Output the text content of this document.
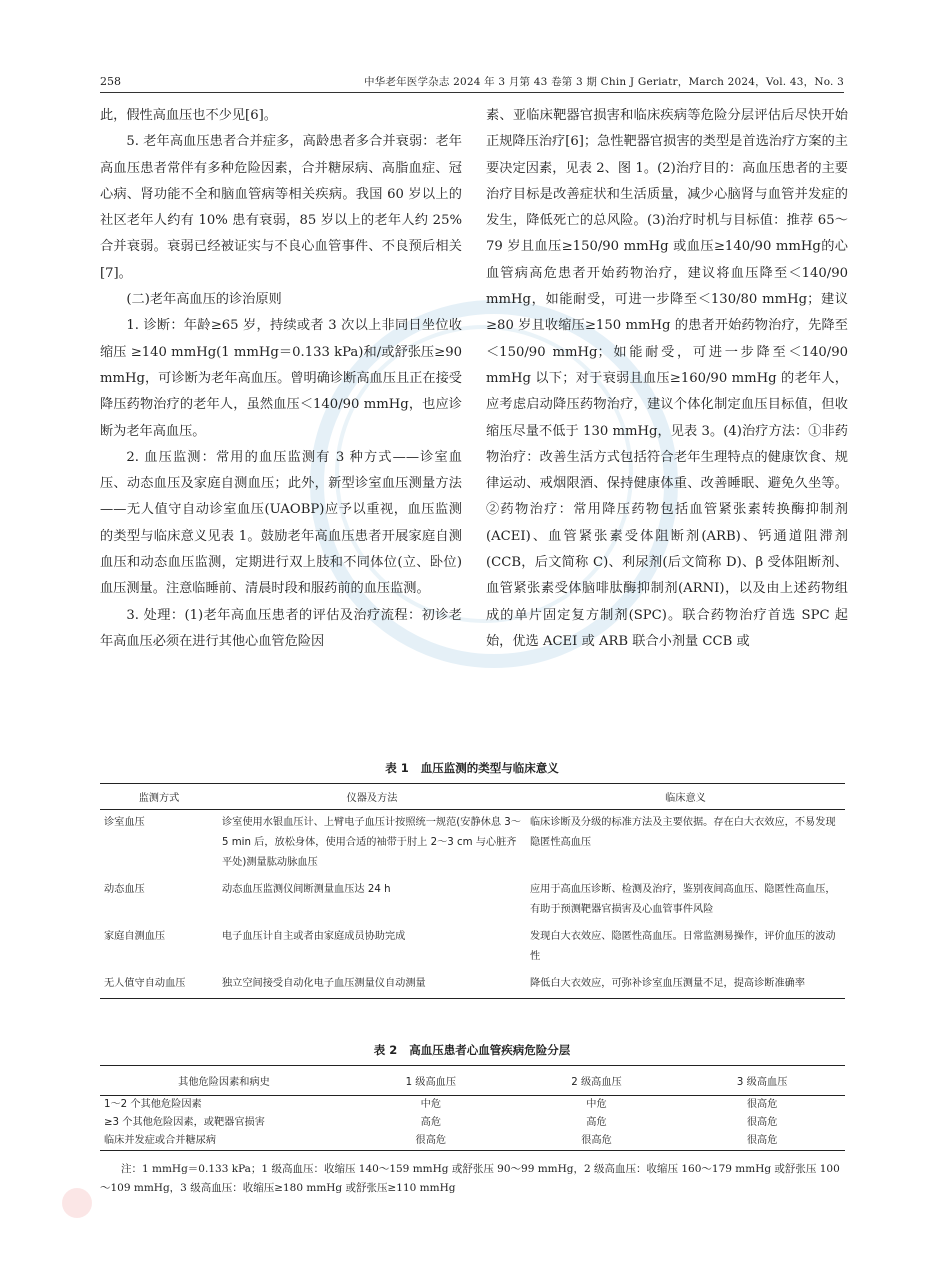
258	中华老年医学杂志 2024 年 3 月第 43 卷第 3 期 Chin J Geriatr，March 2024，Vol. 43，No. 3

此，假性高血压也不少见[6]。

5. 老年高血压患者合并症多，高龄患者多合并衰弱：老年高血压患者常伴有多种危险因素，合并糖尿病、高脂血症、冠心病、肾功能不全和脑血管病等相关疾病。我国 60 岁以上的社区老年人约有 10% 患有衰弱，85 岁以上的老年人约 25% 合并衰弱。衰弱已经被证实与不良心血管事件、不良预后相关[7]。

(二)老年高血压的诊治原则

1. 诊断：年龄≥65 岁，持续或者 3 次以上非同日坐位收缩压 ≥140 mmHg(1 mmHg＝0.133 kPa)和/或舒张压≥90 mmHg，可诊断为老年高血压。曾明确诊断高血压且正在接受降压药物治疗的老年人，虽然血压＜140/90 mmHg，也应诊断为老年高血压。

2. 血压监测：常用的血压监测有 3 种方式——诊室血压、动态血压及家庭自测血压；此外，新型诊室血压测量方法——无人值守自动诊室血压(UAOBP)应予以重视，血压监测的类型与临床意义见表 1。鼓励老年高血压患者开展家庭自测血压和动态血压监测，定期进行双上肢和不同体位(立、卧位)血压测量。注意临睡前、清晨时段和服药前的血压监测。

3. 处理：(1)老年高血压患者的评估及治疗流程：初诊老年高血压必须在进行其他心血管危险因

素、亚临床靶器官损害和临床疾病等危险分层评估后尽快开始正规降压治疗[6]；急性靶器官损害的类型是首选治疗方案的主要决定因素，见表 2、图 1。(2)治疗目的：高血压患者的主要治疗目标是改善症状和生活质量，减少心脑肾与血管并发症的发生，降低死亡的总风险。(3)治疗时机与目标值：推荐 65～79 岁且血压≥150/90 mmHg 或血压≥140/90 mmHg的心血管病高危患者开始药物治疗，建议将血压降至＜140/90 mmHg，如能耐受，可进一步降至＜130/80 mmHg；建议≥80 岁且收缩压≥150 mmHg 的患者开始药物治疗，先降至＜150/90 mmHg；如能耐受，可进一步降至＜140/90 mmHg 以下；对于衰弱且血压≥160/90 mmHg 的老年人，应考虑启动降压药物治疗，建议个体化制定血压目标值，但收缩压尽量不低于 130 mmHg，见表 3。(4)治疗方法：①非药物治疗：改善生活方式包括符合老年生理特点的健康饮食、规律运动、戒烟限酒、保持健康体重、改善睡眠、避免久坐等。②药物治疗：常用降压药物包括血管紧张素转换酶抑制剂(ACEI)、血管紧张素受体阻断剂(ARB)、钙通道阻滞剂(CCB，后文简称 C)、利尿剂(后文简称 D)、β 受体阻断剂、血管紧张素受体脑啡肽酶抑制剂(ARNI)，以及由上述药物组成的单片固定复方制剂(SPC)。联合药物治疗首选 SPC 起始，优选 ACEI 或 ARB 联合小剂量 CCB 或

表 1 血压监测的类型与临床意义
监测方式	仪器及方法	临床意义
诊室血压	诊室使用水银血压计、上臂电子血压计按照统一规范(安静休息 3～5 min 后，放松身体，使用合适的袖带于肘上 2～3 cm 与心脏齐平处)测量肱动脉血压	临床诊断及分级的标准方法及主要依据。存在白大衣效应，不易发现隐匿性高血压
动态血压	动态血压监测仪间断测量血压达 24 h	应用于高血压诊断、检测及治疗，鉴别夜间高血压、隐匿性高血压，有助于预测靶器官损害及心血管事件风险
家庭自测血压	电子血压计自主或者由家庭成员协助完成	发现白大衣效应、隐匿性高血压。日常监测易操作，评价血压的波动性
无人值守自动血压	独立空间接受自动化电子血压测量仪自动测量	降低白大衣效应，可弥补诊室血压测量不足，提高诊断准确率
表 2 高血压患者心血管疾病危险分层
其他危险因素和病史	1 级高血压	2 级高血压	3 级高血压
1～2 个其他危险因素	中危	中危	很高危
≥3 个其他危险因素，或靶器官损害	高危	高危	很高危
临床并发症或合并糖尿病	很高危	很高危	很高危
注：1 mmHg＝0.133 kPa；1 级高血压：收缩压 140～159 mmHg 或舒张压 90～99 mmHg，2 级高血压：收缩压 160～179 mmHg 或舒张压 100～109 mmHg，3 级高血压：收缩压≥180 mmHg 或舒张压≥110 mmHg
